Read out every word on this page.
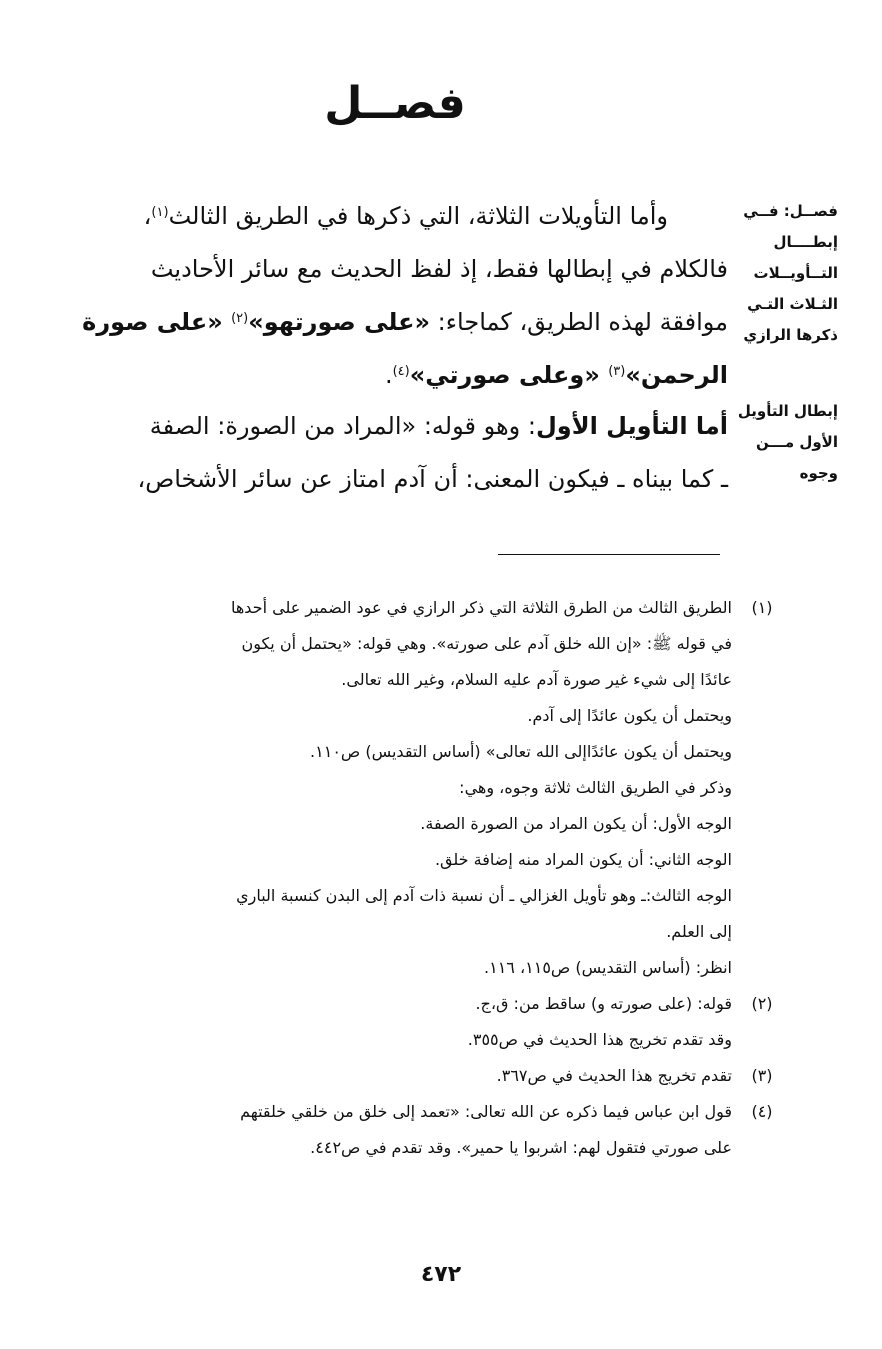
فصــل
فصــل: فــي
إبطــــال
التــأويــلات
الثـلاث التـي
ذكرها الرازي
إبطال التأويل
الأول مـــن
وجوه
وأما التأويلات الثلاثة، التي ذكرها في الطريق الثالث$^{(١)}$،
فالكلام في إبطالها فقط، إذ لفظ الحديث مع سائر الأحاديث
موافقة لهذه الطريق، كماجاء: «على صورتهو»$^{(٢)}$ «على صورة
الرحمن»$^{(٣)}$ «وعلى صورتي»$^{(٤)}$.
أما التأويل الأول: وهو قوله: «المراد من الصورة: الصفة
ـ كما بيناه ـ فيكون المعنى: أن آدم امتاز عن سائر الأشخاص،
(١)
الطريق الثالث من الطرق الثلاثة التي ذكر الرازي في عود الضمير على أحدها
في قوله ﷺ: «إن الله خلق آدم على صورته». وهي قوله: «يحتمل أن يكون
عائدًا إلى شيء غير صورة آدم عليه السلام، وغير الله تعالى.
ويحتمل أن يكون عائدًا إلى آدم.
ويحتمل أن يكون عائدًاإلى الله تعالى» (أساس التقديس) ص١١٠.
وذكر في الطريق الثالث ثلاثة وجوه، وهي:
الوجه الأول: أن يكون المراد من الصورة الصفة.
الوجه الثاني: أن يكون المراد منه إضافة خلق.
الوجه الثالث:ـ وهو تأويل الغزالي ـ أن نسبة ذات آدم إلى البدن كنسبة الباري
إلى العلم.
انظر: (أساس التقديس) ص١١٥، ١١٦.
(٢)
قوله: (على صورته و) ساقط من: ق،ج.
وقد تقدم تخريج هذا الحديث في ص٣٥٥.
(٣)
تقدم تخريج هذا الحديث في ص٣٦٧.
(٤)
قول ابن عباس فيما ذكره عن الله تعالى: «تعمد إلى خلق من خلقي خلقتهم
على صورتي فتقول لهم: اشربوا يا حمير». وقد تقدم في ص٤٤٢.
٤٧٢
